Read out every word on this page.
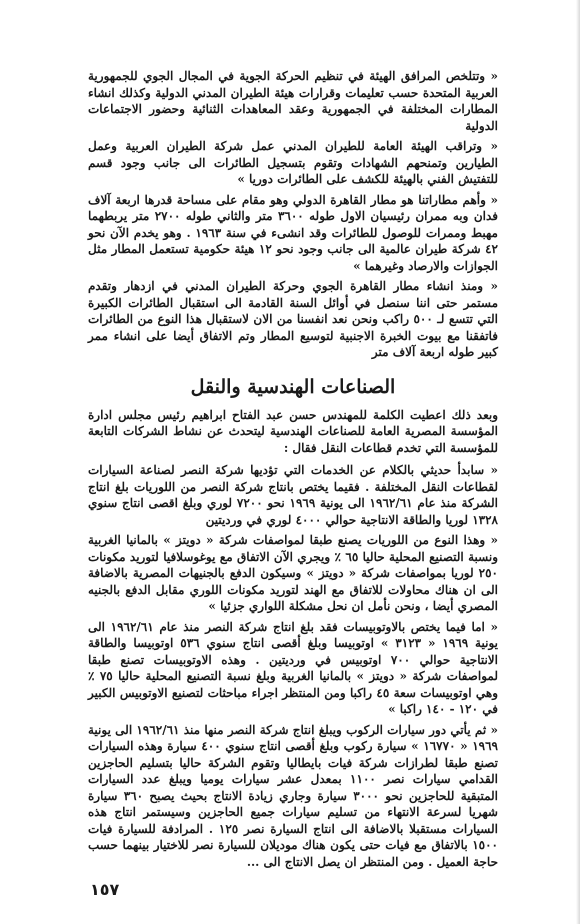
« وتتلخص المرافق الهيئة في تنظيم الحركة الجوية في المجال الجوي للجمهورية العربية المتحدة حسب تعليمات وقرارات هيئة الطيران المدني الدولية وكذلك انشاء المطارات المختلفة في الجمهورية وعقد المعاهدات الثنائية وحضور الاجتماعات الدولية

« وتراقب الهيئة العامة للطيران المدني عمل شركة الطيران العربية وعمل الطيارين وتمنحهم الشهادات وتقوم بتسجيل الطائرات الى جانب وجود قسم للتفتيش الفني بالهيئة للكشف على الطائرات دوريا »

« وأهم مطاراتنا هو مطار القاهرة الدولي وهو مقام على مساحة قدرها اربعة آلاف فدان وبه ممران رئيسيان الاول طوله ٣٦٠٠ متر والثاني طوله ٢٧٠٠ متر يربطهما مهبط وممرات للوصول للطائرات وقد انشىء في سنة ١٩٦٣ . وهو يخدم الآن نحو ٤٢ شركة طيران عالمية الى جانب وجود نحو ١٢ هيئة حكومية تستعمل المطار مثل الجوازات والارصاد وغيرهما »

« ومنذ انشاء مطار القاهرة الجوي وحركة الطيران المدني في ازدهار وتقدم مستمر حتى اننا سنصل في أوائل السنة القادمة الى استقبال الطائرات الكبيرة التي تتسع لـ ٥٠٠ راكب ونحن نعد انفسنا من الان لاستقبال هذا النوع من الطائرات فاتفقنا مع بيوت الخبرة الاجنبية لتوسيع المطار وتم الاتفاق أيضا على انشاء ممر كبير طوله اربعة آلاف متر

الصناعات الهندسية والنقل

وبعد ذلك اعطيت الكلمة للمهندس حسن عبد الفتاح ابراهيم رئيس مجلس ادارة المؤسسة المصرية العامة للصناعات الهندسية ليتحدث عن نشاط الشركات التابعة للمؤسسة التي تخدم قطاعات النقل فقال :

« سابدأ حديثي بالكلام عن الخدمات التي تؤديها شركة النصر لصناعة السيارات لقطاعات النقل المختلفة . فقيما يختص بانتاج شركة النصر من اللوريات بلغ انتاج الشركة منذ عام ١٩٦٢/٦١ الى يونية ١٩٦٩ نحو ٧٢٠٠ لوري وبلغ اقصى انتاج سنوي ١٣٢٨ لوريا والطاقة الانتاجية حوالي ٤٠٠٠ لوري في ورديتين

« وهذا النوع من اللوريات يصنع طبقا لمواصفات شركة « دويتز » بالمانيا الغربية ونسبة التصنيع المحلية حاليا ٦٥ ٪ ويجري الآن الاتفاق مع يوغوسلافيا لتوريد مكونات ٢٥٠ لوريا بمواصفات شركة « دويتز » وسيكون الدفع بالجنيهات المصرية بالاضافة الى ان هناك محاولات للاتفاق مع الهند لتوريد مكونات اللوري مقابل الدفع بالجنيه المصري أيضا ، ونحن نأمل ان نحل مشكلة اللواري جزئيا »

« اما فيما يختص بالاوتوبيسات فقد بلغ انتاج شركة النصر منذ عام ١٩٦٢/٦١ الى يونية ١٩٦٩ « ٣١٢٣ » اوتوبيسا وبلغ أقصى انتاج سنوي ٥٣٦ اوتوبيسا والطاقة الانتاجية حوالي ٧٠٠ اوتوبيس في ورديتين . وهذه الاوتوبيسات تصنع طبقا لمواصفات شركة « دويتز » بالمانيا الغربية وبلغ نسبة التصنيع المحلية حاليا ٧٥ ٪ وهي اوتوبيسات سعة ٤٥ راكبا ومن المنتظر اجراء مباحثات لتصنيع الاوتوبيس الكبير في ١٢٠ - ١٤٠ راكبا »

« ثم يأتي دور سيارات الركوب ويبلغ انتاج شركة النصر منها منذ ١٩٦٢/٦١ الى يونية ١٩٦٩ « ١٦٧٧٠ » سيارة ركوب وبلغ أقصى انتاج سنوي ٤٠٠ سيارة وهذه السيارات تصنع طبقا لطرازات شركة فيات بايطاليا وتقوم الشركة حاليا بتسليم الحاجزين القدامي سيارات نصر ١١٠٠ بمعدل عشر سيارات يوميا ويبلغ عدد السيارات المتبقية للحاجزين نحو ٣٠٠٠ سيارة وجاري زيادة الانتاج بحيث يصبح ٣٦٠ سيارة شهريا لسرعة الانتهاء من تسليم سيارات جميع الحاجزين وسيستمر انتاج هذه السيارات مستقبلا بالاضافة الى انتاج السيارة نصر ١٢٥ . المرادفة للسيارة فيات ١٥٠٠ بالاتفاق مع فيات حتى يكون هناك موديلان للسيارة نصر للاختيار بينهما حسب حاجة العميل . ومن المنتظر ان يصل الانتاج الى ...

١٥٧
